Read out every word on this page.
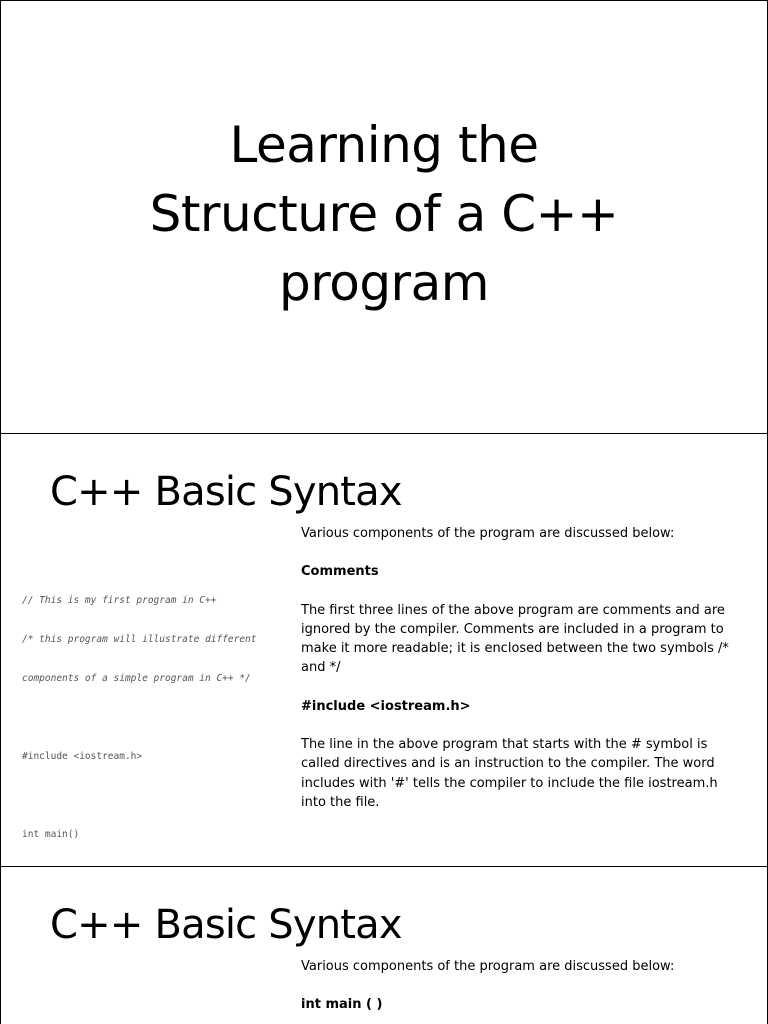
Learning the
Structure of a C++
program
C++ Basic Syntax

// This is my first program in C++

/* this program will illustrate different

components of a simple program in C++ */

#include <iostream.h>

int main()

Various components of the program are discussed below:

Comments

The first three lines of the above program are comments and are ignored by the compiler. Comments are included in a program to make it more readable; it is enclosed between the two symbols /* and */

#include <iostream.h>

The line in the above program that starts with the # symbol is called directives and is an instruction to the compiler. The word includes with '#' tells the compiler to include the file iostream.h into the file.

C++ Basic Syntax

Various components of the program are discussed below:

int main ( )
